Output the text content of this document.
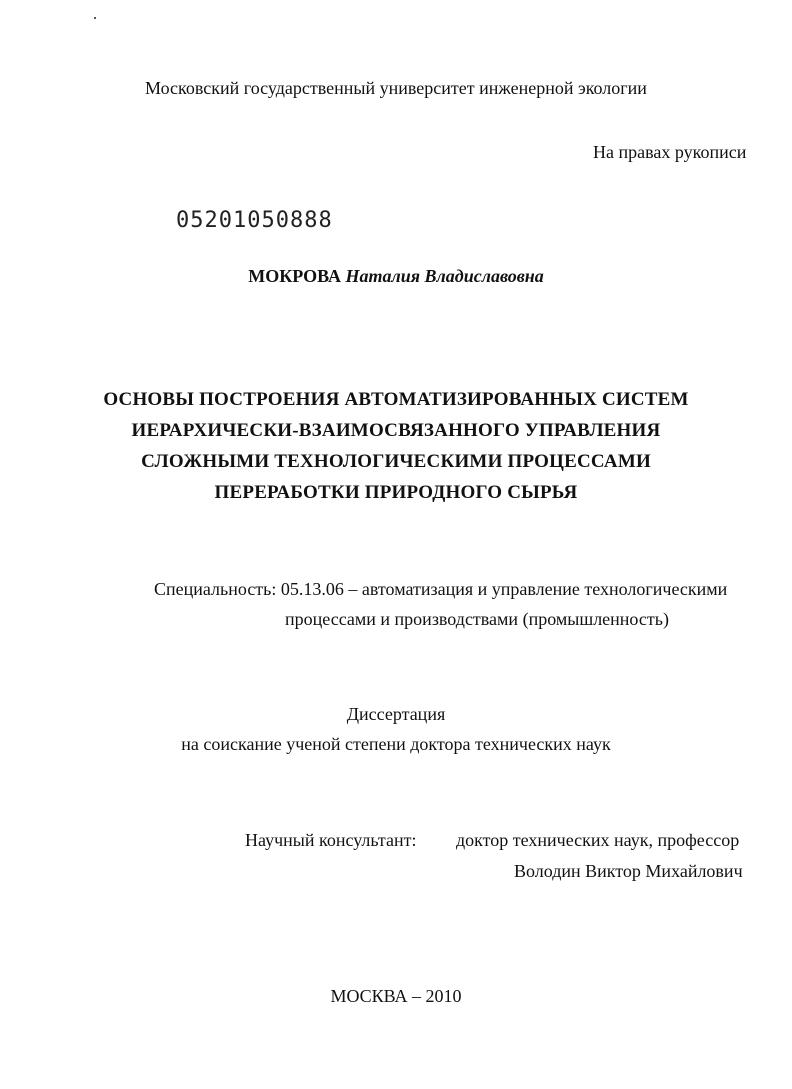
Московский государственный университет инженерной экологии
На правах рукописи
05201050888
МОКРОВА Наталия Владиславовна
ОСНОВЫ ПОСТРОЕНИЯ АВТОМАТИЗИРОВАННЫХ СИСТЕМ
ИЕРАРХИЧЕСКИ-ВЗАИМОСВЯЗАННОГО УПРАВЛЕНИЯ
СЛОЖНЫМИ ТЕХНОЛОГИЧЕСКИМИ ПРОЦЕССАМИ
ПЕРЕРАБОТКИ ПРИРОДНОГО СЫРЬЯ
Специальность: 05.13.06 – автоматизация и управление технологическими
процессами и производствами (промышленность)
Диссертация
на соискание ученой степени доктора технических наук
Научный консультант: доктор технических наук, профессор
Володин Виктор Михайлович
МОСКВА – 2010
